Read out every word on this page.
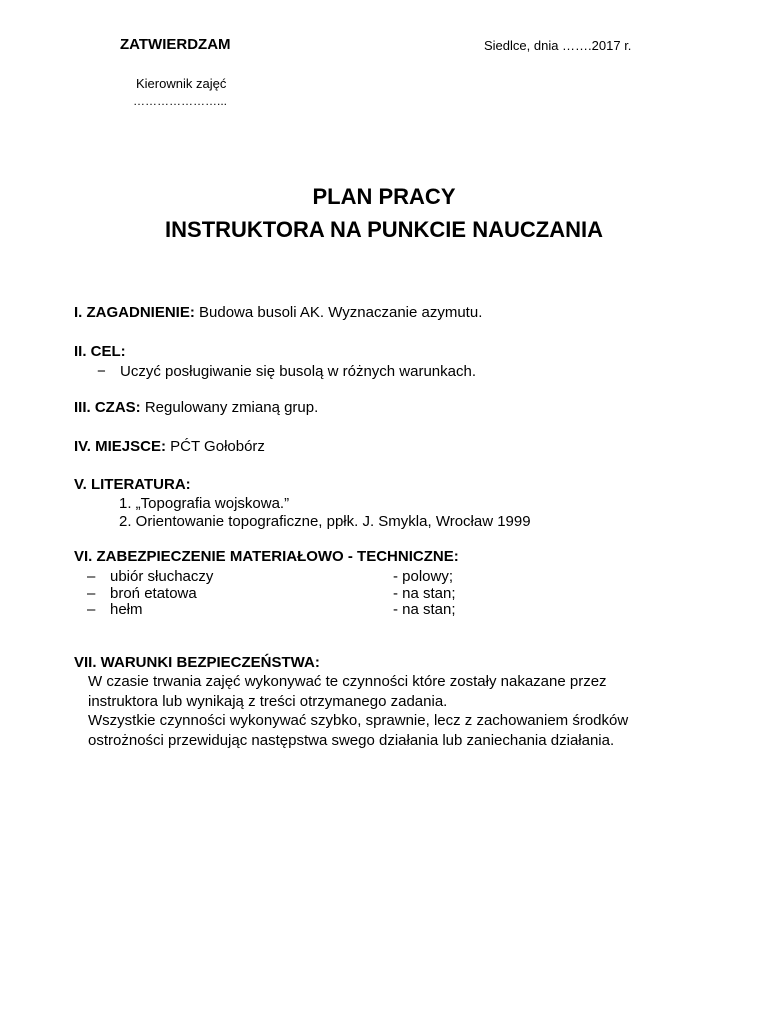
ZATWIERDZAM	Siedlce, dnia …….2017 r.
Kierownik zajęć
…………………...
PLAN PRACY
INSTRUKTORA NA PUNKCIE NAUCZANIA
I. ZAGADNIENIE: Budowa busoli AK. Wyznaczanie azymutu.
II. CEL:
− Uczyć posługiwanie się busolą w różnych warunkach.
III. CZAS: Regulowany zmianą grup.
IV. MIEJSCE: PĆT Gołobórz
V. LITERATURA:
1. „Topografia wojskowa.”
2. Orientowanie topograficzne, ppłk. J. Smykla, Wrocław 1999
VI. ZABEZPIECZENIE MATERIAŁOWO - TECHNICZNE:
– ubiór słuchaczy	- polowy;
– broń etatowa	- na stan;
– hełm	- na stan;
VII. WARUNKI BEZPIECZEŃSTWA:
W czasie trwania zajęć wykonywać te czynności które zostały nakazane przez
instruktora lub wynikają z treści otrzymanego zadania.
Wszystkie czynności wykonywać szybko, sprawnie, lecz z zachowaniem środków
ostrożności przewidując następstwa swego działania lub zaniechania działania.
